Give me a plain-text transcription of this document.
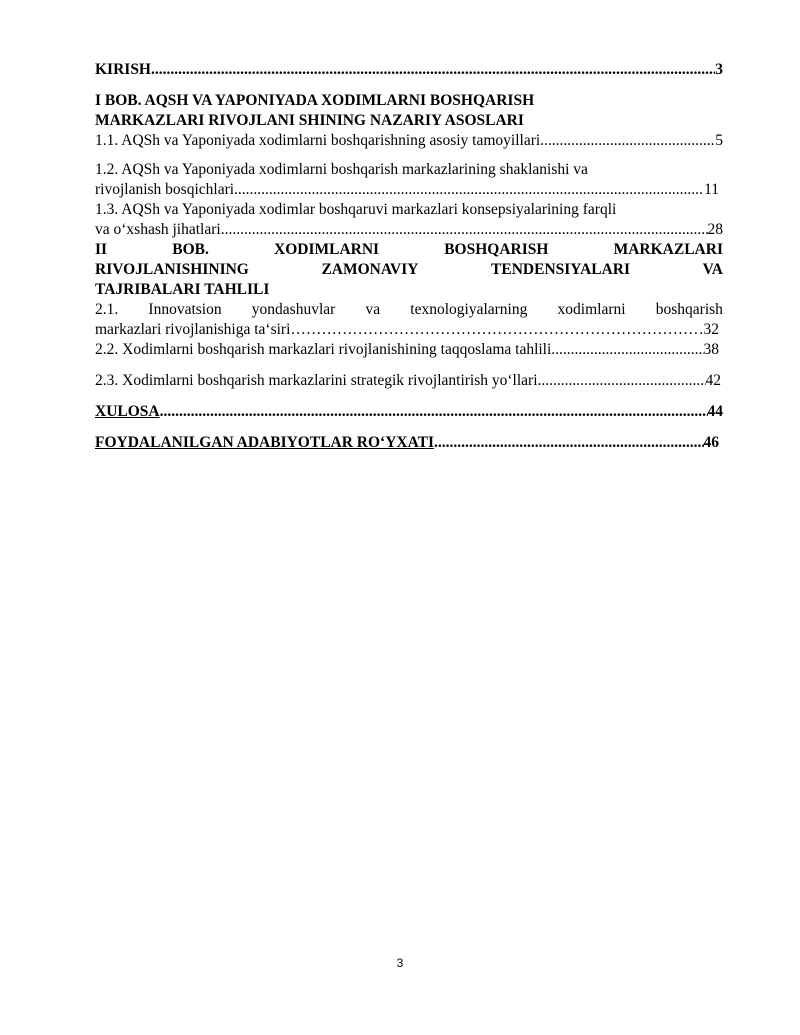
KIRISH .....	3
I BOB. AQSH VA YAPONIYADA XODIMLARNI BOSHQARISH
MARKAZLARI RIVOJLANI SHINING NAZARIY ASOSLARI
1.1. AQSh va Yaponiyada xodimlarni boshqarishning asosiy tamoyillari .....	5
1.2. AQSh va Yaponiyada xodimlarni boshqarish markazlarining shaklanishi va
rivojlanish bosqichlari .....	11
1.3. AQSh va Yaponiyada xodimlar boshqaruvi markazlari konsepsiyalarining farqli
va o‘xshash jihatlari .....	28
II	BOB.	XODIMLARNI	BOSHQARISH	MARKAZLARI
RIVOJLANISHINING	ZAMONAVIY	TENDENSIYALARI	VA
TAJRIBALARI TAHLILI
2.1. Innovatsion yondashuvlar va texnologiyalarning xodimlarni boshqarish
markazlari rivojlanishiga ta‘siri ………………………………………………………………………………………………………………………………………………………………	32
2.2. Xodimlarni boshqarish markazlari rivojlanishining taqqoslama tahlili .....	38
2.3. Xodimlarni boshqarish markazlarini strategik rivojlantirish yo‘llari .....	42
XULOSA .....	44
FOYDALANILGAN ADABIYOTLAR RO‘YXATI .....	46
3
